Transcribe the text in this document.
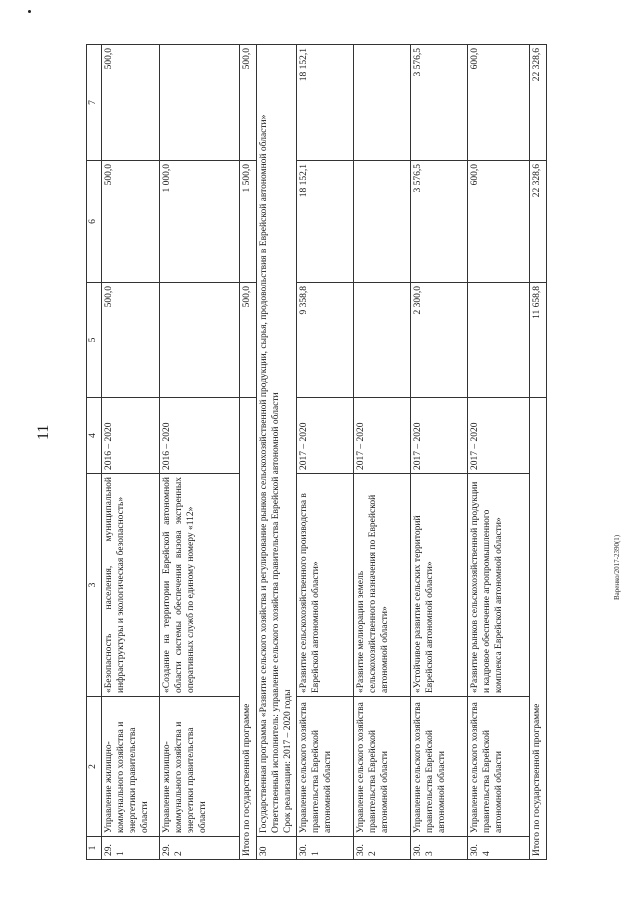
11
Варенко/2017-2390(1)
1	2	3	4	5	6	7
29.1	Управление жилищно-коммунального хозяйства и энергетики правительства области	«Безопасность населения, муниципальной инфраструктуры и экологическая безопасность»	2016 – 2020	500,0	500,0	500,0
29.2	Управление жилищно-коммунального хозяйства и энергетики правительства области	«Создание на территории Еврейской автономной области системы обеспечения вызова экстренных оперативных служб по единому номеру «112»	2016 – 2020		1 000,0	
Итого по государственной программе				500,0	1 500,0	500,0
30	Государственная программа «Развитие сельского хозяйства и регулирование рынков сельскохозяйственной продукции, сырья, продовольствия в Еврейской автономной области» Ответственный исполнитель: управление сельского хозяйства правительства Еврейской автономной области Срок реализации: 2017 – 2020 годы					

30.1	Управление сельского хозяйства правительства Еврейской автономной области	«Развитие сельскохозяйственного производства в Еврейской автономной области»	2017 – 2020	9 358,8	18 152,1	18 152,1
30.2	Управление сельского хозяйства правительства Еврейской автономной области	«Развитие мелиорации земель сельскохозяйственного назначения по Еврейской автономной области»	2017 – 2020			
30.3	Управление сельского хозяйства правительства Еврейской автономной области	«Устойчивое развитие сельских территорий Еврейской автономной области»	2017 – 2020	2 300,0	3 576,5	3 576,5
30.4	Управление сельского хозяйства правительства Еврейской автономной области	«Развитие рынков сельскохозяйственной продукции и кадровое обеспечение агропромышленного комплекса Еврейской автономной области»	2017 – 2020		600,0	600,0
Итого по государственной программе				11 658,8	22 328,6	22 328,6
